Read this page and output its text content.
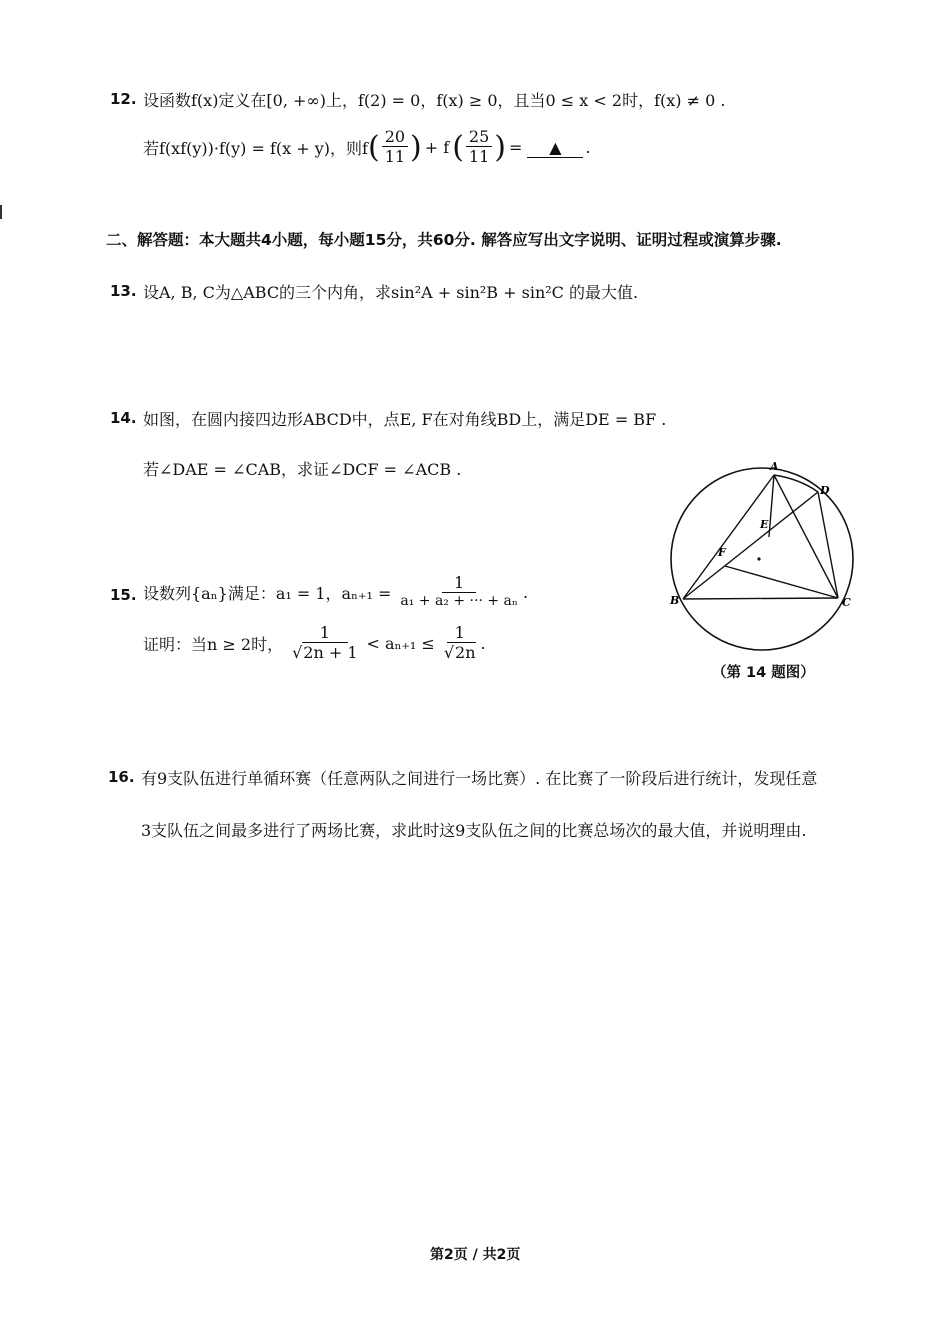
12. 设函数f(x)定义在[0, +∞)上，f(2) = 0，f(x) ≥ 0，且当0 ≤ x < 2时，f(x) ≠ 0 .
若f(xf(y))·f(y) = f(x + y)，则f ( $\frac{20}{11}$ ) + f ( $\frac{25}{11}$ ) =	▲	.
二、解答题：本大题共4小题，每小题15分，共60分. 解答应写出文字说明、证明过程或演算步骤.
13. 设A, B, C为△ABC的三个内角，求sin²A + sin²B + sin²C 的最大值.
14. 如图，在圆内接四边形ABCD中，点E, F在对角线BD上，满足DE = BF .
若∠DAE = ∠CAB，求证∠DCF = ∠ACB .	A
D
E
F
B	C
（第 14 题图）
15. 设数列{aₙ}满足：a₁ = 1，$a_{n+1} = \frac{1}{\text{a₁ + a₂ + ··· + aₙ}}$ .
证明：当n ≥ 2时， $\frac{1}{√2n + 1} < a_{n+1} \le \frac{1}{√2n}$ .
16. 有9支队伍进行单循环赛（任意两队之间进行一场比赛）. 在比赛了一阶段后进行统计，发现任意
3支队伍之间最多进行了两场比赛，求此时这9支队伍之间的比赛总场次的最大值，并说明理由.
第2页 / 共2页
